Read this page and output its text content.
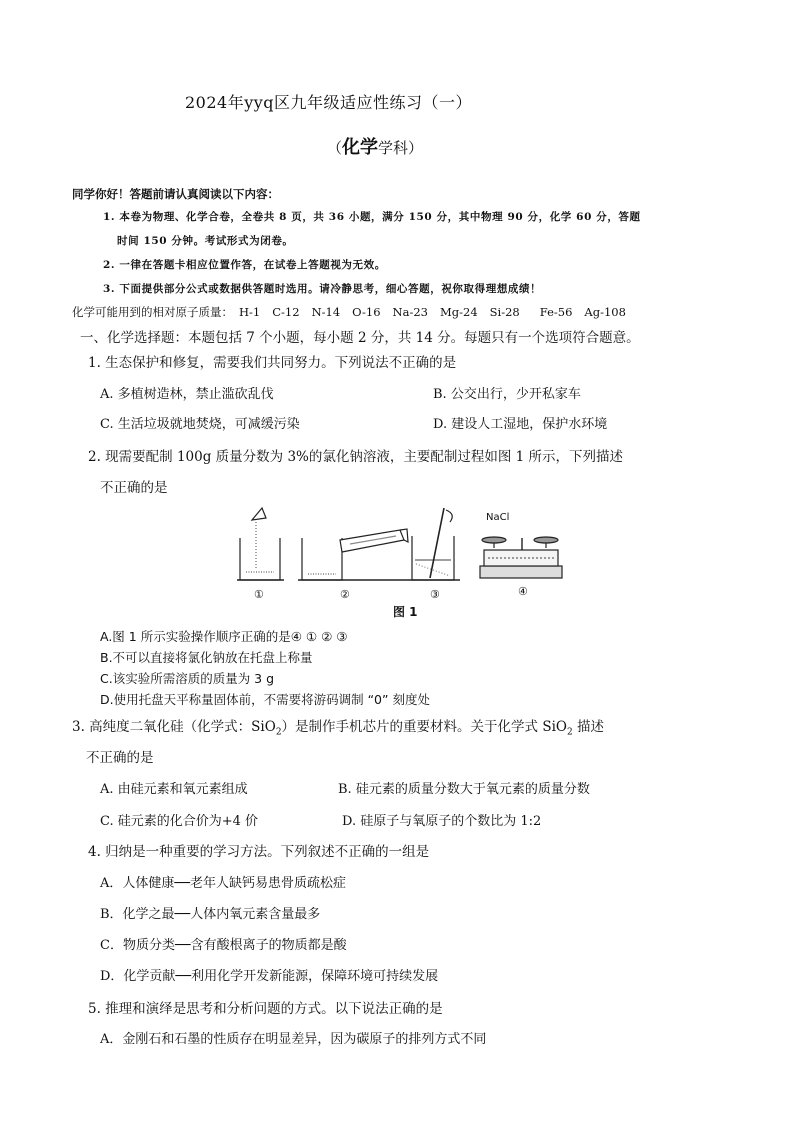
2024年yyq区九年级适应性练习（一）
（化学学科）
同学你好！答题前请认真阅读以下内容：
1. 本卷为物理、化学合卷，全卷共 8 页，共 36 小题，满分 150 分，其中物理 90 分，化学 60 分，答题
时间 150 分钟。考试形式为闭卷。
2. 一律在答题卡相应位置作答，在试卷上答题视为无效。
3. 下面提供部分公式或数据供答题时选用。请冷静思考，细心答题，祝你取得理想成绩！
化学可能用到的相对原子质量： H-1 C-12 N-14 O-16 Na-23 Mg-24 Si-28 Fe-56 Ag-108
一、化学选择题：本题包括 7 个小题，每小题 2 分，共 14 分。每题只有一个选项符合题意。
1. 生态保护和修复，需要我们共同努力。下列说法不正确的是
A. 多植树造林，禁止滥砍乱伐	B. 公交出行，少开私家车
C. 生活垃圾就地焚烧，可减缓污染	D. 建设人工湿地，保护水环境
2. 现需要配制 100g 质量分数为 3%的氯化钠溶液，主要配制过程如图 1 所示，下列描述
不正确的是
NaCl
①	②	③	④
图 1
A.图 1 所示实验操作顺序正确的是④ ① ② ③
B.不可以直接将氯化钠放在托盘上称量
C.该实验所需溶质的质量为 3 g
D.使用托盘天平称量固体前，不需要将游码调制 “0” 刻度处
3. 高纯度二氧化硅（化学式：SiO$_2$）是制作手机芯片的重要材料。关于化学式 SiO$_2$ 描述
不正确的是
A. 由硅元素和氧元素组成	B. 硅元素的质量分数大于氧元素的质量分数
C. 硅元素的化合价为+4 价	D. 硅原子与氧原子的个数比为 1:2
4. 归纳是一种重要的学习方法。下列叙述不正确的一组是
A．人体健康──老年人缺钙易患骨质疏松症
B．化学之最──人体内氧元素含量最多
C．物质分类──含有酸根离子的物质都是酸
D．化学贡献──利用化学开发新能源，保障环境可持续发展
5. 推理和演绎是思考和分析问题的方式。以下说法正确的是
A．金刚石和石墨的性质存在明显差异，因为碳原子的排列方式不同
